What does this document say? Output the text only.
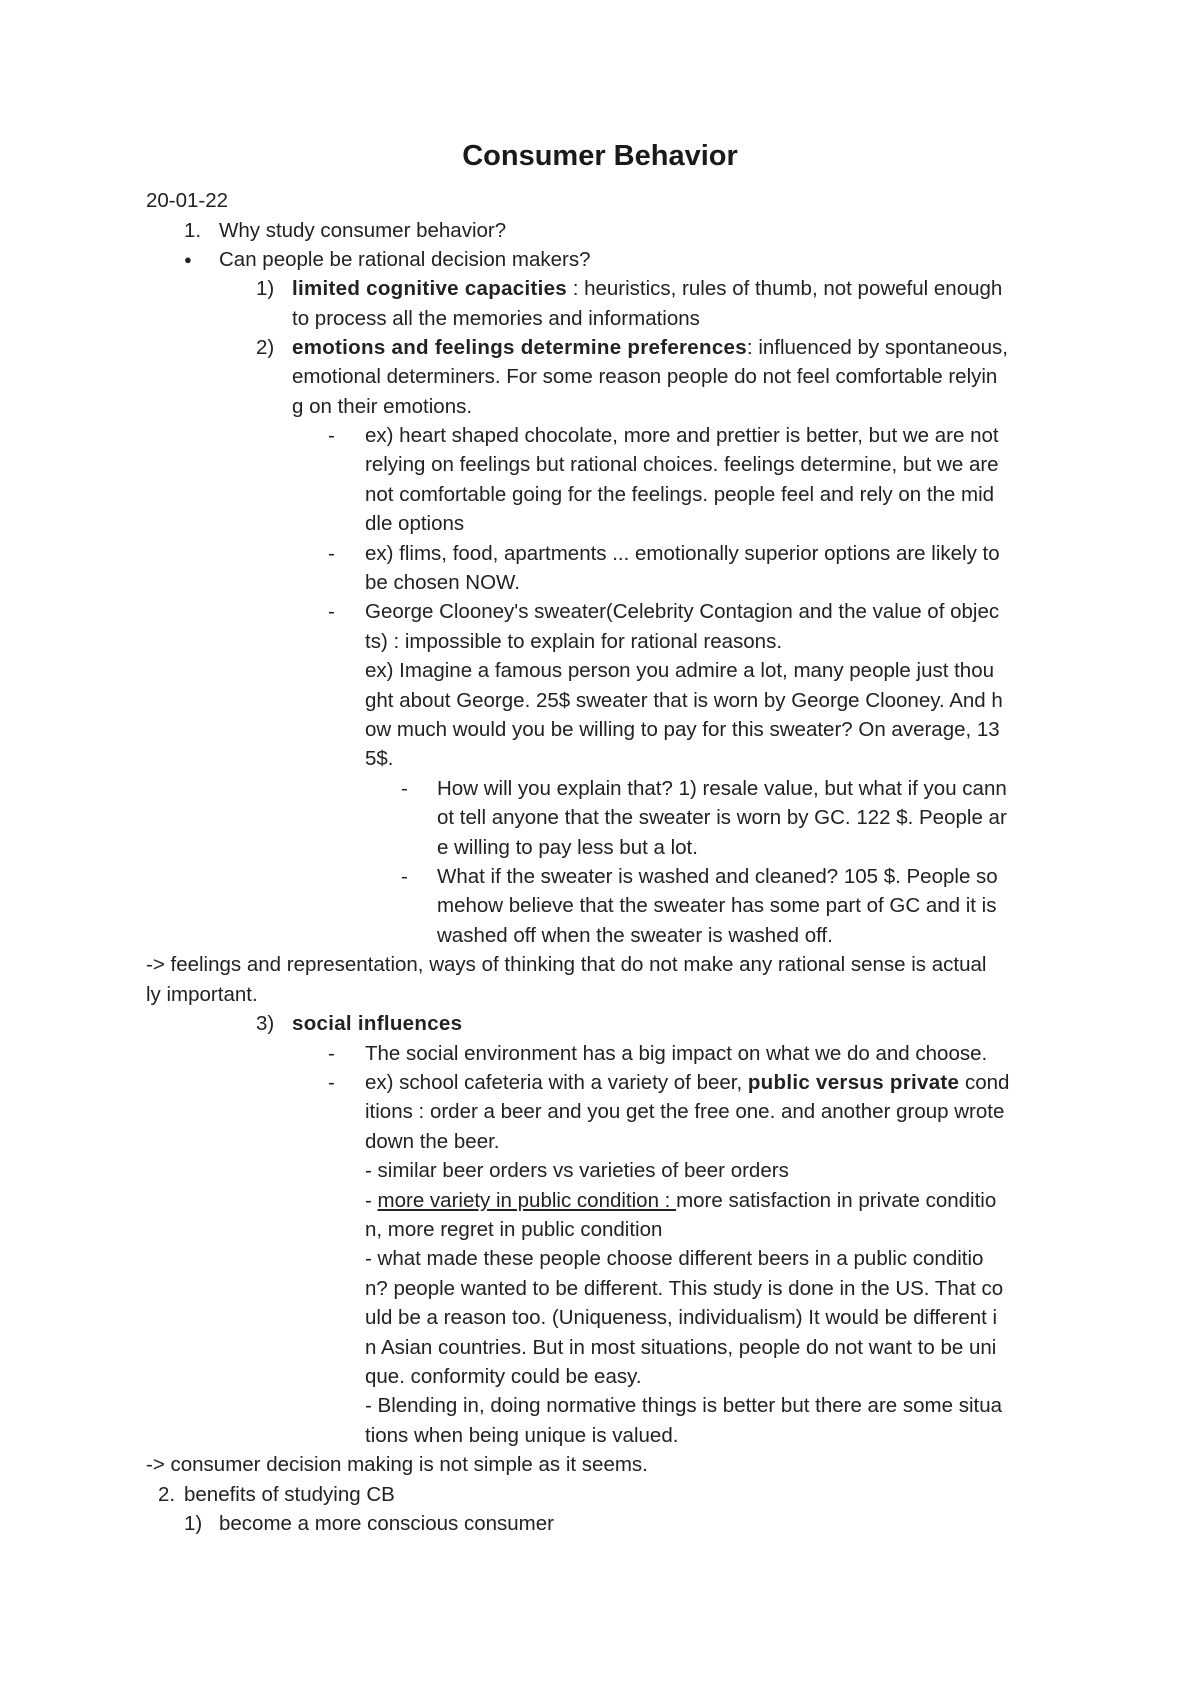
Consumer Behavior
20-01-22
1. Why study consumer behavior?
● Can people be rational decision makers?
1) limited cognitive capacities : heuristics, rules of thumb, not poweful enough
to process all the memories and informations
2) emotions and feelings determine preferences: influenced by spontaneous,
emotional determiners. For some reason people do not feel comfortable relyin
g on their emotions.
- ex) heart shaped chocolate, more and prettier is better, but we are not
relying on feelings but rational choices. feelings determine, but we are
not comfortable going for the feelings. people feel and rely on the mid
dle options
- ex) flims, food, apartments ... emotionally superior options are likely to
be chosen NOW.
- George Clooney's sweater(Celebrity Contagion and the value of objec
ts) : impossible to explain for rational reasons.
ex) Imagine a famous person you admire a lot, many people just thou
ght about George. 25$ sweater that is worn by George Clooney. And h
ow much would you be willing to pay for this sweater? On average, 13
5$.
- How will you explain that? 1) resale value, but what if you cann
ot tell anyone that the sweater is worn by GC. 122 $. People ar
e willing to pay less but a lot.
- What if the sweater is washed and cleaned? 105 $. People so
mehow believe that the sweater has some part of GC and it is
washed off when the sweater is washed off.
-> feelings and representation, ways of thinking that do not make any rational sense is actual
ly important.
3) social influences
- The social environment has a big impact on what we do and choose.
- ex) school cafeteria with a variety of beer, public versus private cond
itions : order a beer and you get the free one. and another group wrote
down the beer.
- similar beer orders vs varieties of beer orders
- more variety in public condition : more satisfaction in private conditio
n, more regret in public condition
- what made these people choose different beers in a public conditio
n? people wanted to be different. This study is done in the US. That co
uld be a reason too. (Uniqueness, individualism) It would be different i
n Asian countries. But in most situations, people do not want to be uni
que. conformity could be easy.
- Blending in, doing normative things is better but there are some situa
tions when being unique is valued.
-> consumer decision making is not simple as it seems.
2. benefits of studying CB
1) become a more conscious consumer
